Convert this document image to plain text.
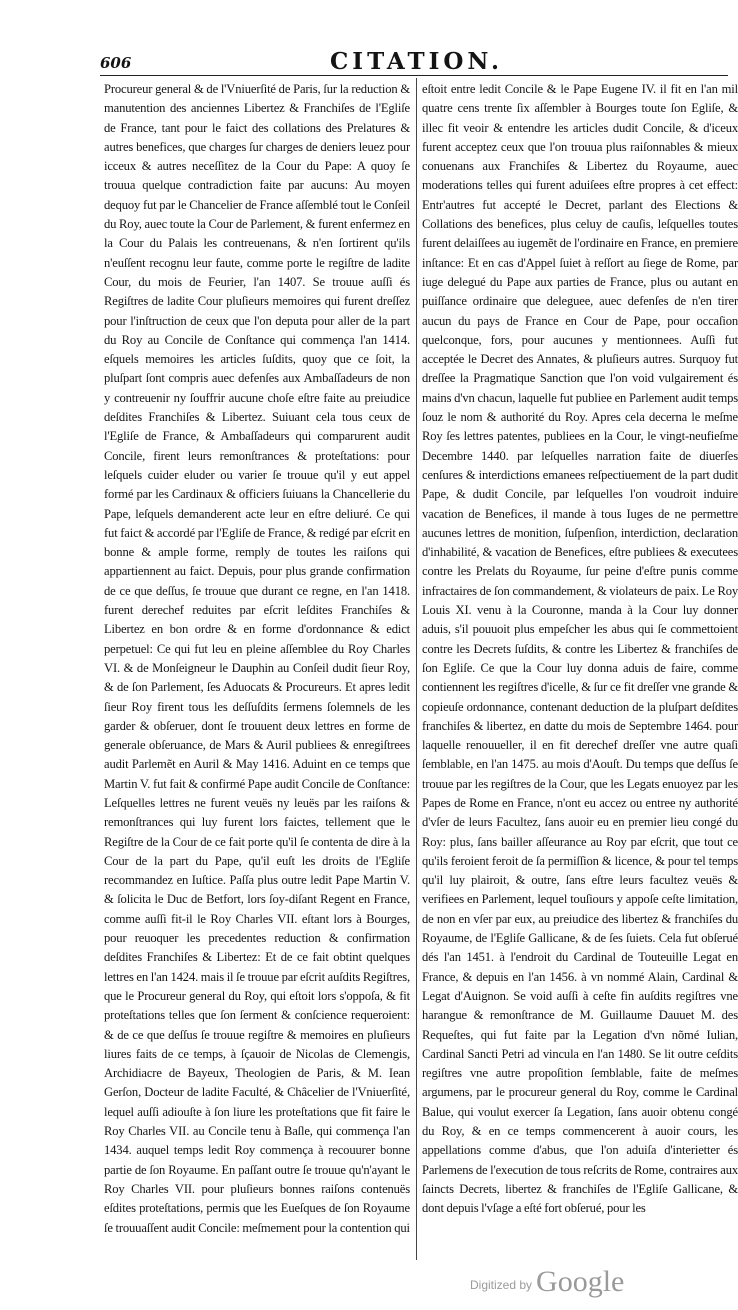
606	CITATION.

Procureur general & de l'Vniuerſité de Paris, ſur la reduction & manutention des anciennes Libertez & Franchiſes de l'Egliſe de France, tant pour le faict des collations des Prelatures & autres benefices, que charges ſur charges de deniers leuez pour icceux & autres neceſſitez de la Cour du Pape: A quoy ſe trouua quelque contradiction faite par aucuns: Au moyen dequoy fut par le Chancelier de France aſſemblé tout le Conſeil du Roy, auec toute la Cour de Parlement, & furent enfermez en la Cour du Palais les contreuenans, & n'en ſortirent qu'ils n'euſſent recognu leur faute, comme porte le regiſtre de ladite Cour, du mois de Feurier, l'an 1407. Se trouue auſſi és Regiſtres de ladite Cour pluſieurs memoires qui furent dreſſez pour l'inſtruction de ceux que l'on deputa pour aller de la part du Roy au Concile de Conſtance qui commença l'an 1414. eſquels memoires les articles ſuſdits, quoy que ce ſoit, la pluſpart ſont compris auec defenſes aux Ambaſſadeurs de non y contreuenir ny ſouffrir aucune choſe eſtre faite au preiudice deſdites Franchiſes & Libertez. Suiuant cela tous ceux de l'Egliſe de France, & Ambaſſadeurs qui comparurent audit Concile, firent leurs remonſtrances & proteſtations: pour leſquels cuider eluder ou varier ſe trouue qu'il y eut appel formé par les Cardinaux & officiers ſuiuans la Chancellerie du Pape, leſquels demanderent acte leur en eſtre deliuré. Ce qui fut faict & accordé par l'Egliſe de France, & redigé par eſcrit en bonne & ample forme, remply de toutes les raiſons qui appartiennent au faict. Depuis, pour plus grande confirmation de ce que deſſus, ſe trouue que durant ce regne, en l'an 1418. furent derechef reduites par eſcrit leſdites Franchiſes & Libertez en bon ordre & en forme d'ordonnance & edict perpetuel: Ce qui fut leu en pleine aſſemblee du Roy Charles VI. & de Monſeigneur le Dauphin au Conſeil dudit ſieur Roy, & de ſon Parlement, ſes Aduocats & Procureurs. Et apres ledit ſieur Roy firent tous les deſſuſdits ſermens ſolemnels de les garder & obſeruer, dont ſe trouuent deux lettres en forme de generale obſeruance, de Mars & Auril publiees & enregiſtrees audit Parlemẽt en Auril & May 1416. Aduint en ce temps que Martin V. fut fait & confirmé Pape audit Concile de Conſtance: Leſquelles lettres ne furent veuës ny leuës par les raiſons & remonſtrances qui luy furent lors faictes, tellement que le Regiſtre de la Cour de ce fait porte qu'il ſe contenta de dire à la Cour de la part du Pape, qu'il euſt les droits de l'Egliſe recommandez en Iuſtice. Paſſa plus outre ledit Pape Martin V. & ſolicita le Duc de Betfort, lors ſoy-diſant Regent en France, comme auſſi fit-il le Roy Charles VII. eſtant lors à Bourges, pour reuoquer les precedentes reduction & confirmation deſdites Franchiſes & Libertez: Et de ce fait obtint quelques lettres en l'an 1424. mais il ſe trouue par eſcrit auſdits Regiſtres, que le Procureur general du Roy, qui eſtoit lors s'oppoſa, & fit proteſtations telles que ſon ſerment & conſcience requeroient: & de ce que deſſus ſe trouue regiſtre & memoires en pluſieurs liures faits de ce temps, à ſçauoir de Nicolas de Clemengis, Archidiacre de Bayeux, Theologien de Paris, & M. Iean Gerſon, Docteur de ladite Faculté, & Châcelier de l'Vniuerſité, lequel auſſi adiouſte à ſon liure les proteſtations que fit faire le Roy Charles VII. au Concile tenu à Baſle, qui commença l'an 1434. auquel temps ledit Roy commença à recouurer bonne partie de ſon Royaume. En paſſant outre ſe trouue qu'n'ayant le Roy Charles VII. pour pluſieurs bonnes raiſons contenuës eſdites proteſtations, permis que les Eueſques de ſon Royaume ſe trouuaſſent audit Concile: meſmement pour la contention qui

eſtoit entre ledit Concile & le Pape Eugene IV. il fit en l'an mil quatre cens trente ſix aſſembler à Bourges toute ſon Egliſe, & illec fit veoir & entendre les articles dudit Concile, & d'iceux furent acceptez ceux que l'on trouua plus raiſonnables & mieux conuenans aux Franchiſes & Libertez du Royaume, auec moderations telles qui furent aduiſees eſtre propres à cet effect: Entr'autres fut accepté le Decret, parlant des Elections & Collations des benefices, plus celuy de cauſis, leſquelles toutes furent delaiſſees au iugemẽt de l'ordinaire en France, en premiere inſtance: Et en cas d'Appel ſuiet à reſſort au ſiege de Rome, par iuge delegué du Pape aux parties de France, plus ou autant en puiſſance ordinaire que deleguee, auec defenſes de n'en tirer aucun du pays de France en Cour de Pape, pour occaſion quelconque, fors, pour aucunes y mentionnees. Auſſi fut acceptée le Decret des Annates, & pluſieurs autres. Surquoy fut dreſſee la Pragmatique Sanction que l'on void vulgairement és mains d'vn chacun, laquelle fut publiee en Parlement audit temps ſouz le nom & authorité du Roy. Apres cela decerna le meſme Roy ſes lettres patentes, publiees en la Cour, le vingt-neufieſme Decembre 1440. par leſquelles narration faite de diuerſes cenſures & interdictions emanees reſpectiuement de la part dudit Pape, & dudit Concile, par leſquelles l'on voudroit induire vacation de Benefices, il mande à tous Iuges de ne permettre aucunes lettres de monition, ſuſpenſion, interdiction, declaration d'inhabilité, & vacation de Benefices, eſtre publiees & executees contre les Prelats du Royaume, ſur peine d'eſtre punis comme infractaires de ſon commandement, & violateurs de paix. Le Roy Louis XI. venu à la Couronne, manda à la Cour luy donner aduis, s'il pouuoit plus empeſcher les abus qui ſe commettoient contre les Decrets ſuſdits, & contre les Libertez & franchiſes de ſon Egliſe. Ce que la Cour luy donna aduis de faire, comme contiennent les regiſtres d'icelle, & ſur ce fit dreſſer vne grande & copieuſe ordonnance, contenant deduction de la pluſpart deſdites franchiſes & libertez, en datte du mois de Septembre 1464. pour laquelle renouueller, il en fit derechef dreſſer vne autre quaſi ſemblable, en l'an 1475. au mois d'Aouſt. Du temps que deſſus ſe trouue par les regiſtres de la Cour, que les Legats enuoyez par les Papes de Rome en France, n'ont eu accez ou entree ny authorité d'vſer de leurs Facultez, ſans auoir eu en premier lieu congé du Roy: plus, ſans bailler aſſeurance au Roy par eſcrit, que tout ce qu'ils feroient feroit de ſa permiſſion & licence, & pour tel temps qu'il luy plairoit, & outre, ſans eſtre leurs facultez veuës & verifiees en Parlement, lequel touſiours y appoſe ceſte limitation, de non en vſer par eux, au preiudice des libertez & franchiſes du Royaume, de l'Egliſe Gallicane, & de ſes ſuiets. Cela fut obſerué dés l'an 1451. à l'endroit du Cardinal de Touteuille Legat en France, & depuis en l'an 1456. à vn nommé Alain, Cardinal & Legat d'Auignon. Se void auſſi à ceſte fin auſdits regiſtres vne harangue & remonſtrance de M. Guillaume Dauuet M. des Requeſtes, qui fut faite par la Legation d'vn nõmé Iulian, Cardinal Sancti Petri ad vincula en l'an 1480. Se lit outre ceſdits regiſtres vne autre propoſition ſemblable, faite de meſmes argumens, par le procureur general du Roy, comme le Cardinal Balue, qui voulut exercer ſa Legation, ſans auoir obtenu congé du Roy, & en ce temps commencerent à auoir cours, les appellations comme d'abus, que l'on aduiſa d'interietter és Parlemens de l'execution de tous reſcrits de Rome, contraires aux ſaincts Decrets, libertez & franchiſes de l'Egliſe Gallicane, & dont depuis l'vſage a eſté fort obſerué, pour les

Digitized by Google
